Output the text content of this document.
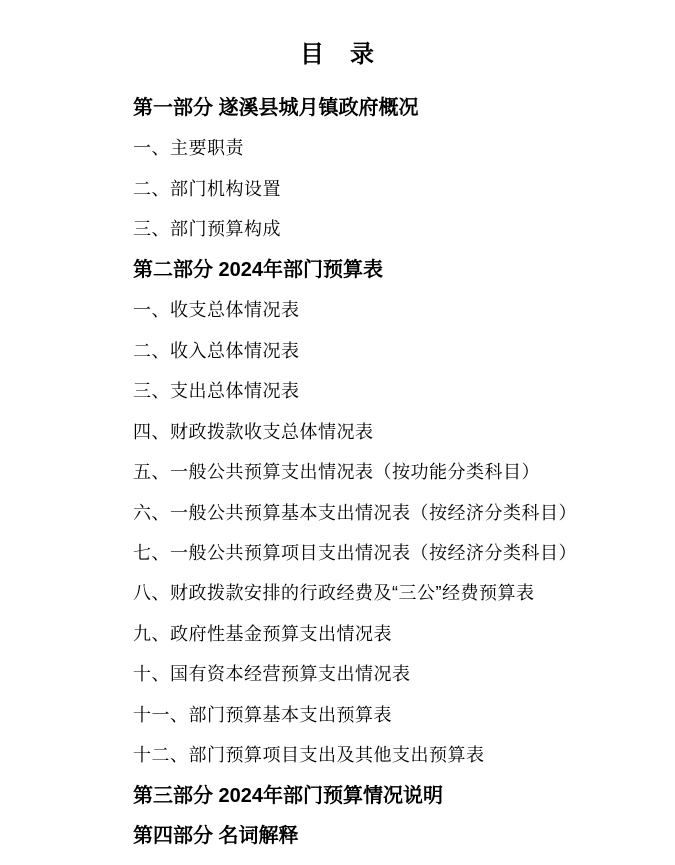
目　录
第一部分 遂溪县城月镇政府概况
一、主要职责
二、部门机构设置
三、部门预算构成
第二部分 2024年部门预算表
一、收支总体情况表
二、收入总体情况表
三、支出总体情况表
四、财政拨款收支总体情况表
五、一般公共预算支出情况表（按功能分类科目）
六、一般公共预算基本支出情况表（按经济分类科目）
七、一般公共预算项目支出情况表（按经济分类科目）
八、财政拨款安排的行政经费及“三公”经费预算表
九、政府性基金预算支出情况表
十、国有资本经营预算支出情况表
十一、部门预算基本支出预算表
十二、部门预算项目支出及其他支出预算表
第三部分 2024年部门预算情况说明
第四部分 名词解释
